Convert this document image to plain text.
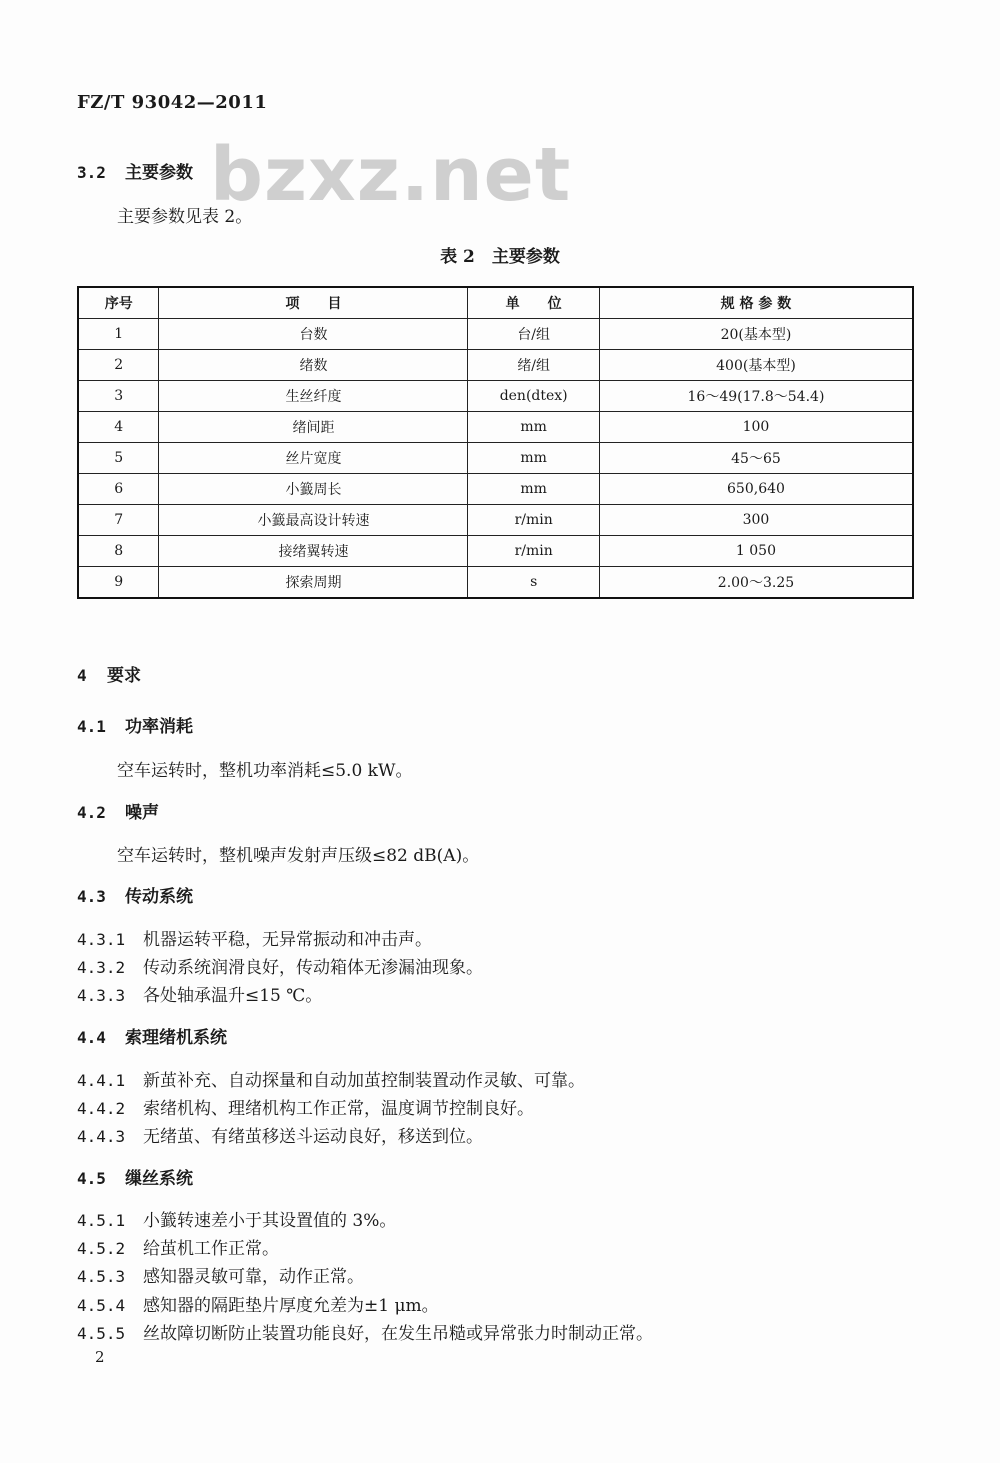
FZ/T 93042—2011
bzxz.net
3.2 主要参数
主要参数见表 2。
表 2　主要参数
序号	项　　目	单　　位	规 格 参 数
1	台数	台/组	20(基本型)
2	绪数	绪/组	400(基本型)
3	生丝纤度	den(dtex)	16～49(17.8～54.4)
4	绪间距	mm	100
5	丝片宽度	mm	45～65
6	小籖周长	mm	650,640
7	小籖最高设计转速	r/min	300
8	接绪翼转速	r/min	1 050
9	探索周期	s	2.00～3.25
4 要求
4.1 功率消耗
空车运转时，整机功率消耗≤5.0 kW。
4.2 噪声
空车运转时，整机噪声发射声压级≤82 dB(A)。
4.3 传动系统
4.3.1 机器运转平稳，无异常振动和冲击声。
4.3.2 传动系统润滑良好，传动箱体无渗漏油现象。
4.3.3 各处轴承温升≤15 ℃。
4.4 索理绪机系统
4.4.1 新茧补充、自动探量和自动加茧控制装置动作灵敏、可靠。
4.4.2 索绪机构、理绪机构工作正常，温度调节控制良好。
4.4.3 无绪茧、有绪茧移送斗运动良好，移送到位。
4.5 缫丝系统
4.5.1 小籖转速差小于其设置值的 3%。
4.5.2 给茧机工作正常。
4.5.3 感知器灵敏可靠，动作正常。
4.5.4 感知器的隔距垫片厚度允差为±1 μm。
4.5.5 丝故障切断防止装置功能良好，在发生吊糙或异常张力时制动正常。
2
